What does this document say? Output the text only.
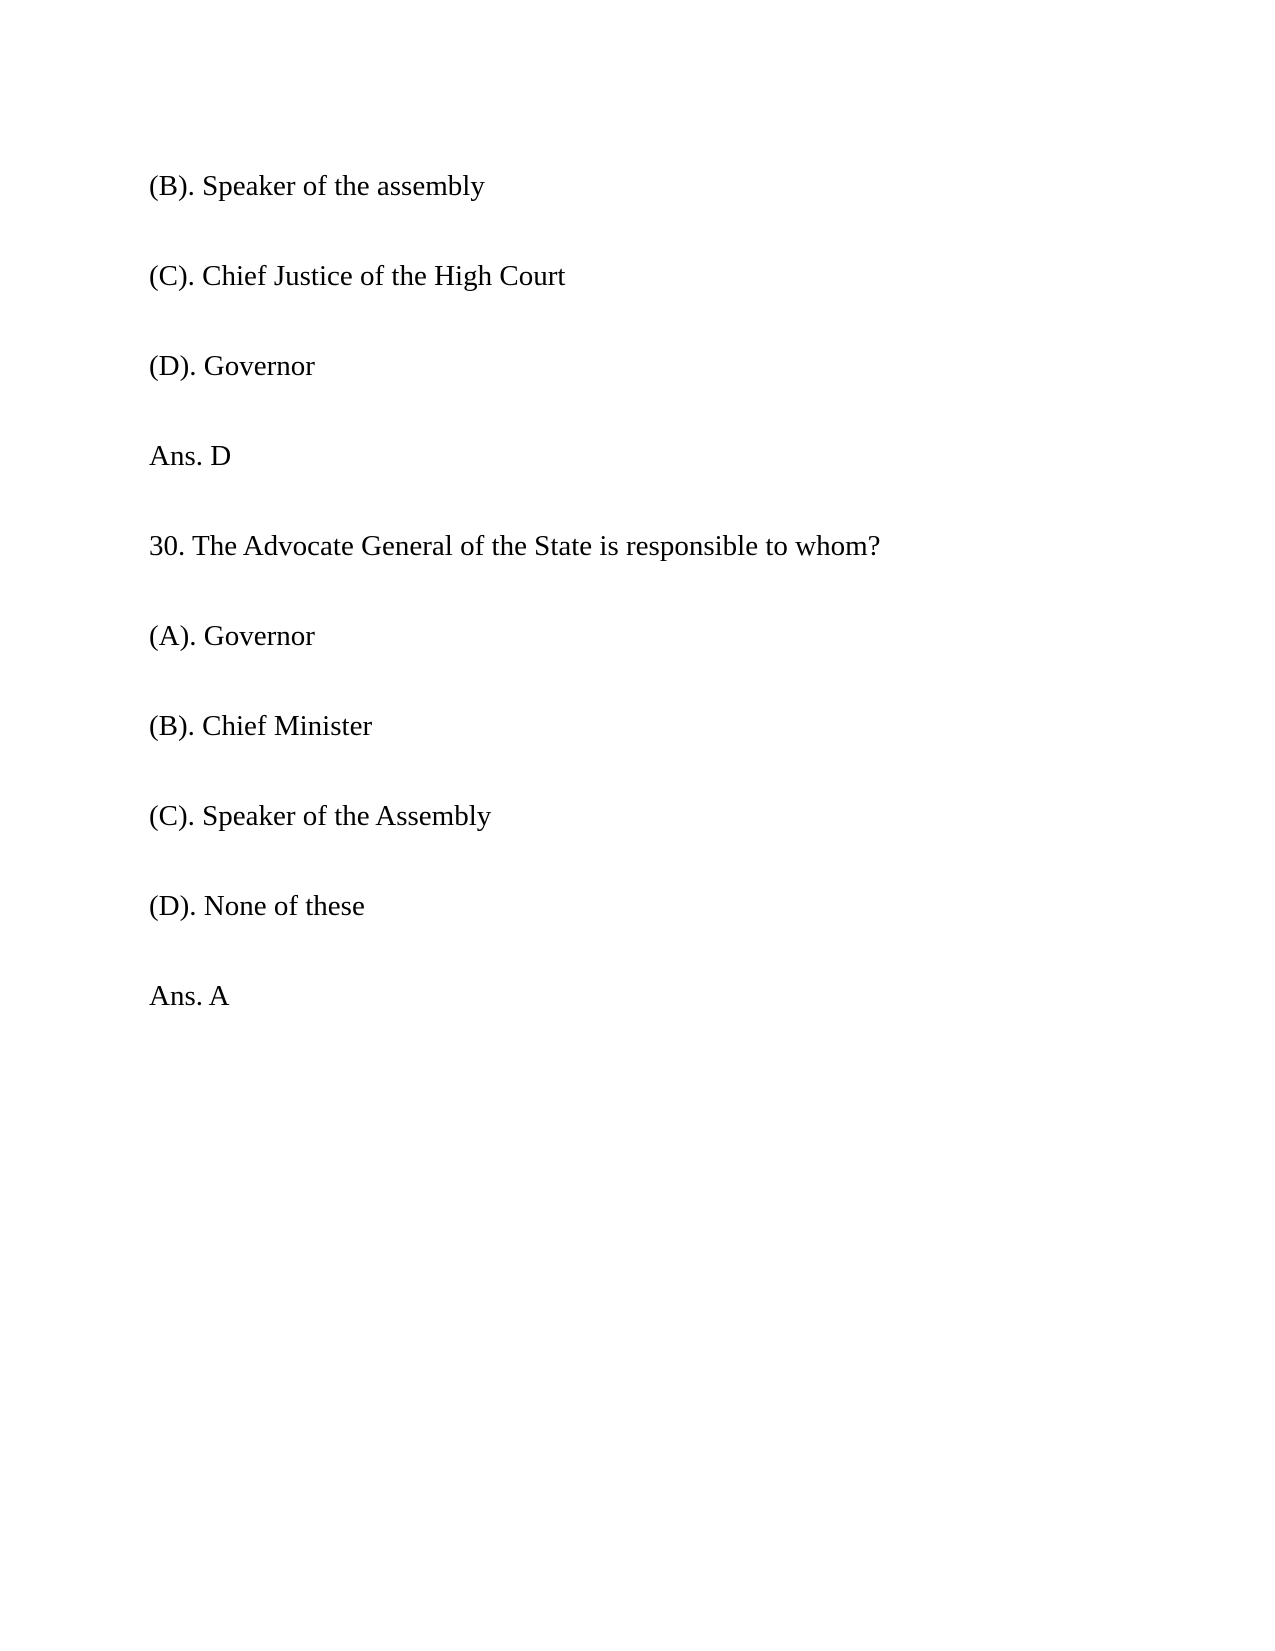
(B). Speaker of the assembly

(C). Chief Justice of the High Court

(D). Governor

Ans. D

30. The Advocate General of the State is responsible to whom?

(A). Governor

(B). Chief Minister

(C). Speaker of the Assembly

(D). None of these

Ans. A
